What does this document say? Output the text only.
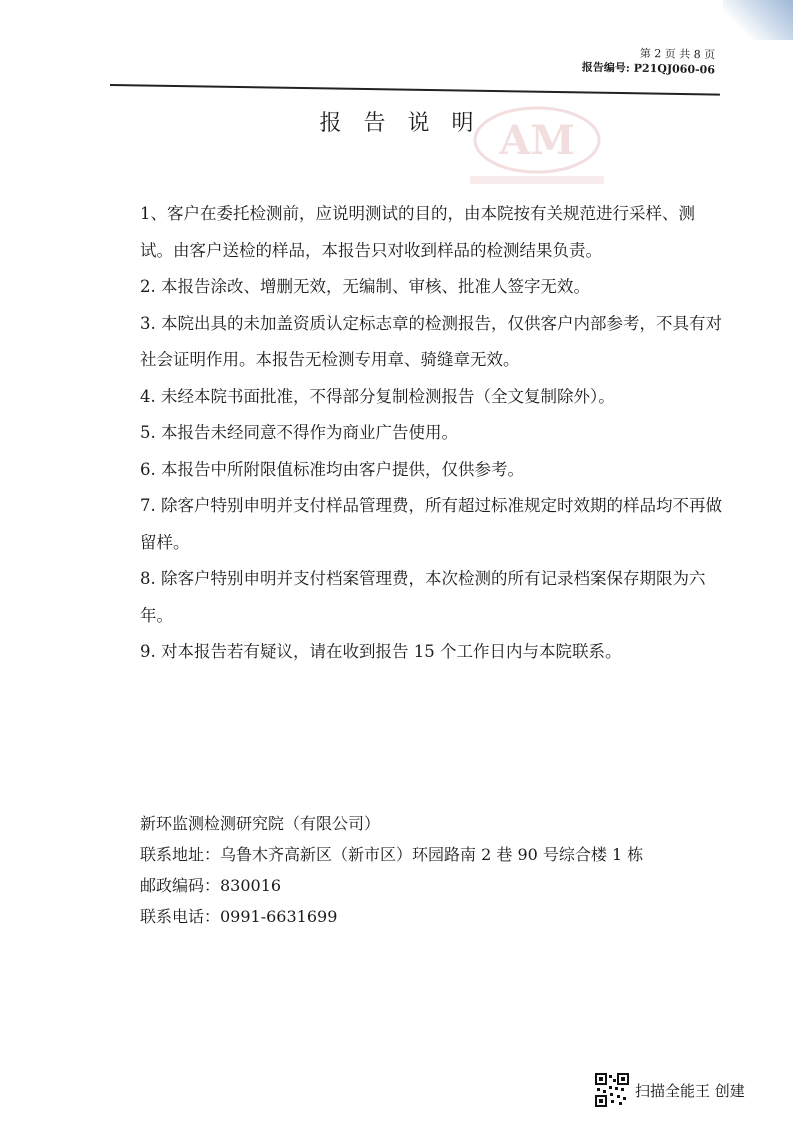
第 2 页 共 8 页
报告编号: P21QJ060-06
AM
报告说明

1、客户在委托检测前，应说明测试的目的，由本院按有关规范进行采样、测试。由客户送检的样品，本报告只对收到样品的检测结果负责。

2. 本报告涂改、增删无效，无编制、审核、批准人签字无效。

3. 本院出具的未加盖资质认定标志章的检测报告，仅供客户内部参考，不具有对社会证明作用。本报告无检测专用章、骑缝章无效。

4. 未经本院书面批准，不得部分复制检测报告（全文复制除外）。

5. 本报告未经同意不得作为商业广告使用。

6. 本报告中所附限值标准均由客户提供，仅供参考。

7. 除客户特别申明并支付样品管理费，所有超过标准规定时效期的样品均不再做留样。

8. 除客户特别申明并支付档案管理费，本次检测的所有记录档案保存期限为六年。

9. 对本报告若有疑议，请在收到报告 15 个工作日内与本院联系。

新环监测检测研究院（有限公司）
联系地址：乌鲁木齐高新区（新市区）环园路南 2 巷 90 号综合楼 1 栋
邮政编码：830016
联系电话：0991-6631699
扫描全能王 创建
